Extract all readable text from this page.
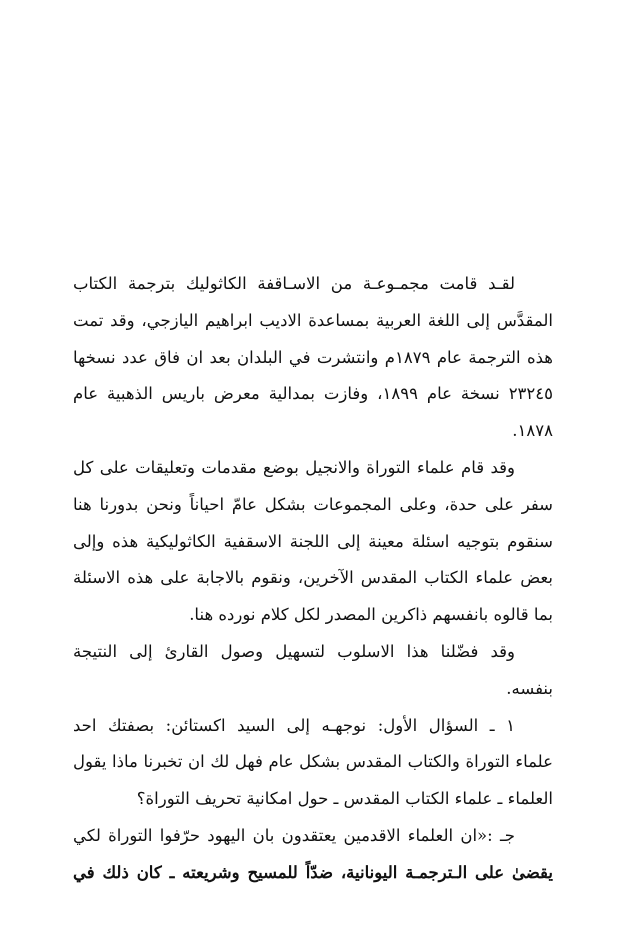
لقـد قامت مجمـوعـة من الاسـاقفة الكاثوليك بترجمة الكتاب
المقدَّس إلى اللغة العربية بمساعدة الاديب ابراهيم اليازجي، وقد تمت
هذه الترجمة عام ١٨٧٩م وانتشرت في البلدان بعد ان فاق عدد نسخها
٢٣٢٤٥ نسخة عام ١٨٩٩، وفازت بمدالية معرض باريس الذهبية عام
١٨٧٨.
وقد قام علماء التوراة والانجيل بوضع مقدمات وتعليقات على كل
سفر على حدة، وعلى المجموعات بشكل عامّ احياناً ونحن بدورنا هنا
سنقوم بتوجيه اسئلة معينة إلى اللجنة الاسقفية الكاثوليكية هذه وإلى
بعض علماء الكتاب المقدس الآخرين، ونقوم بالاجابة على هذه الاسئلة
بما قالوه بانفسهم ذاكرين المصدر لكل كلام نورده هنا.
وقد فضّلنا هذا الاسلوب لتسهيل وصول القارئ إلى النتيجة
بنفسه.
١ ـ السؤال الأول: نوجهـه إلى السيد اكستائن: بصفتك احد
علماء التوراة والكتاب المقدس بشكل عام فهل لك ان تخبرنا ماذا يقول
العلماء ـ علماء الكتاب المقدس ـ حول امكانية تحريف التوراة؟
جـ :«ان العلماء الاقدمين يعتقدون بان اليهود حرّفوا التوراة لكي
يقضىٰ على الـترجمـة اليونانية، ضدّاً للمسيح وشريعته ـ كان ذلك في
